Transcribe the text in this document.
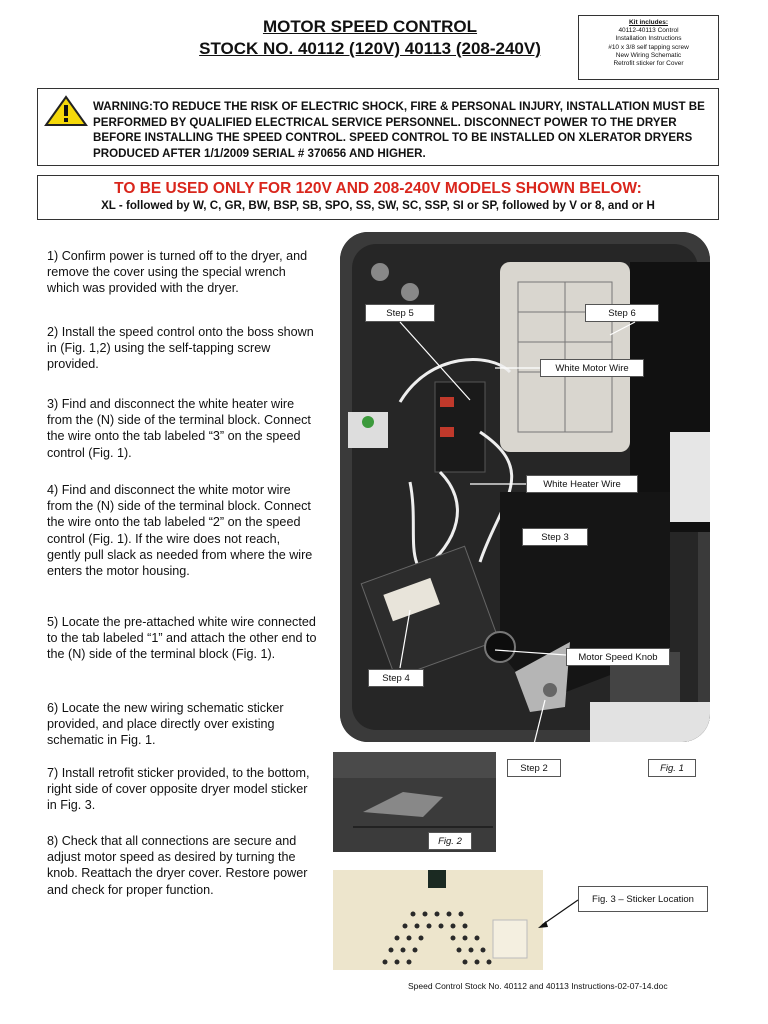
MOTOR SPEED CONTROL
STOCK NO. 40112 (120V) 40113 (208-240V)
Kit includes:
40112-40113 Control
Installation Instructions
#10 x 3/8 self tapping screw
New Wiring Schematic
Retrofit sticker for Cover
WARNING:TO REDUCE THE RISK OF ELECTRIC SHOCK, FIRE & PERSONAL INJURY, INSTALLATION MUST BE PERFORMED BY QUALIFIED ELECTRICAL SERVICE PERSONNEL. DISCONNECT POWER TO THE DRYER BEFORE INSTALLING THE SPEED CONTROL. SPEED CONTROL TO BE INSTALLED ON XLERATOR DRYERS PRODUCED AFTER 1/1/2009 SERIAL # 370656 AND HIGHER.
TO BE USED ONLY FOR 120V AND 208-240V MODELS SHOWN BELOW:
XL - followed by W, C, GR, BW, BSP, SB, SPO, SS, SW, SC, SSP, SI or SP, followed by V or 8, and or H
1) Confirm power is turned off to the dryer, and remove the cover using the special wrench which was provided with the dryer.
2) Install the speed control onto the boss shown in (Fig. 1,2) using the self-tapping screw provided.
3) Find and disconnect the white heater wire from the (N) side of the terminal block. Connect the wire onto the tab labeled “3” on the speed control (Fig. 1).
4) Find and disconnect the white motor wire from the (N) side of the terminal block. Connect the wire onto the tab labeled “2” on the speed control (Fig. 1). If the wire does not reach, gently pull slack as needed from where the wire enters the motor housing.
5) Locate the pre-attached white wire connected to the tab labeled “1” and attach the other end to the (N) side of the terminal block (Fig. 1).
6) Locate the new wiring schematic sticker provided, and place directly over existing schematic in Fig. 1.
7) Install retrofit sticker provided, to the bottom, right side of cover opposite dryer model sticker in Fig. 3.
8) Check that all connections are secure and adjust motor speed as desired by turning the knob. Reattach the dryer cover. Restore power and check for proper function.
Step 5	Step 6
White Motor Wire
White Heater Wire
Step 3
Motor Speed Knob
Step 4
Step 2	Fig. 1
Fig. 2
Fig. 3 – Sticker Location
Speed Control Stock No. 40112 and 40113 Instructions-02-07-14.doc
